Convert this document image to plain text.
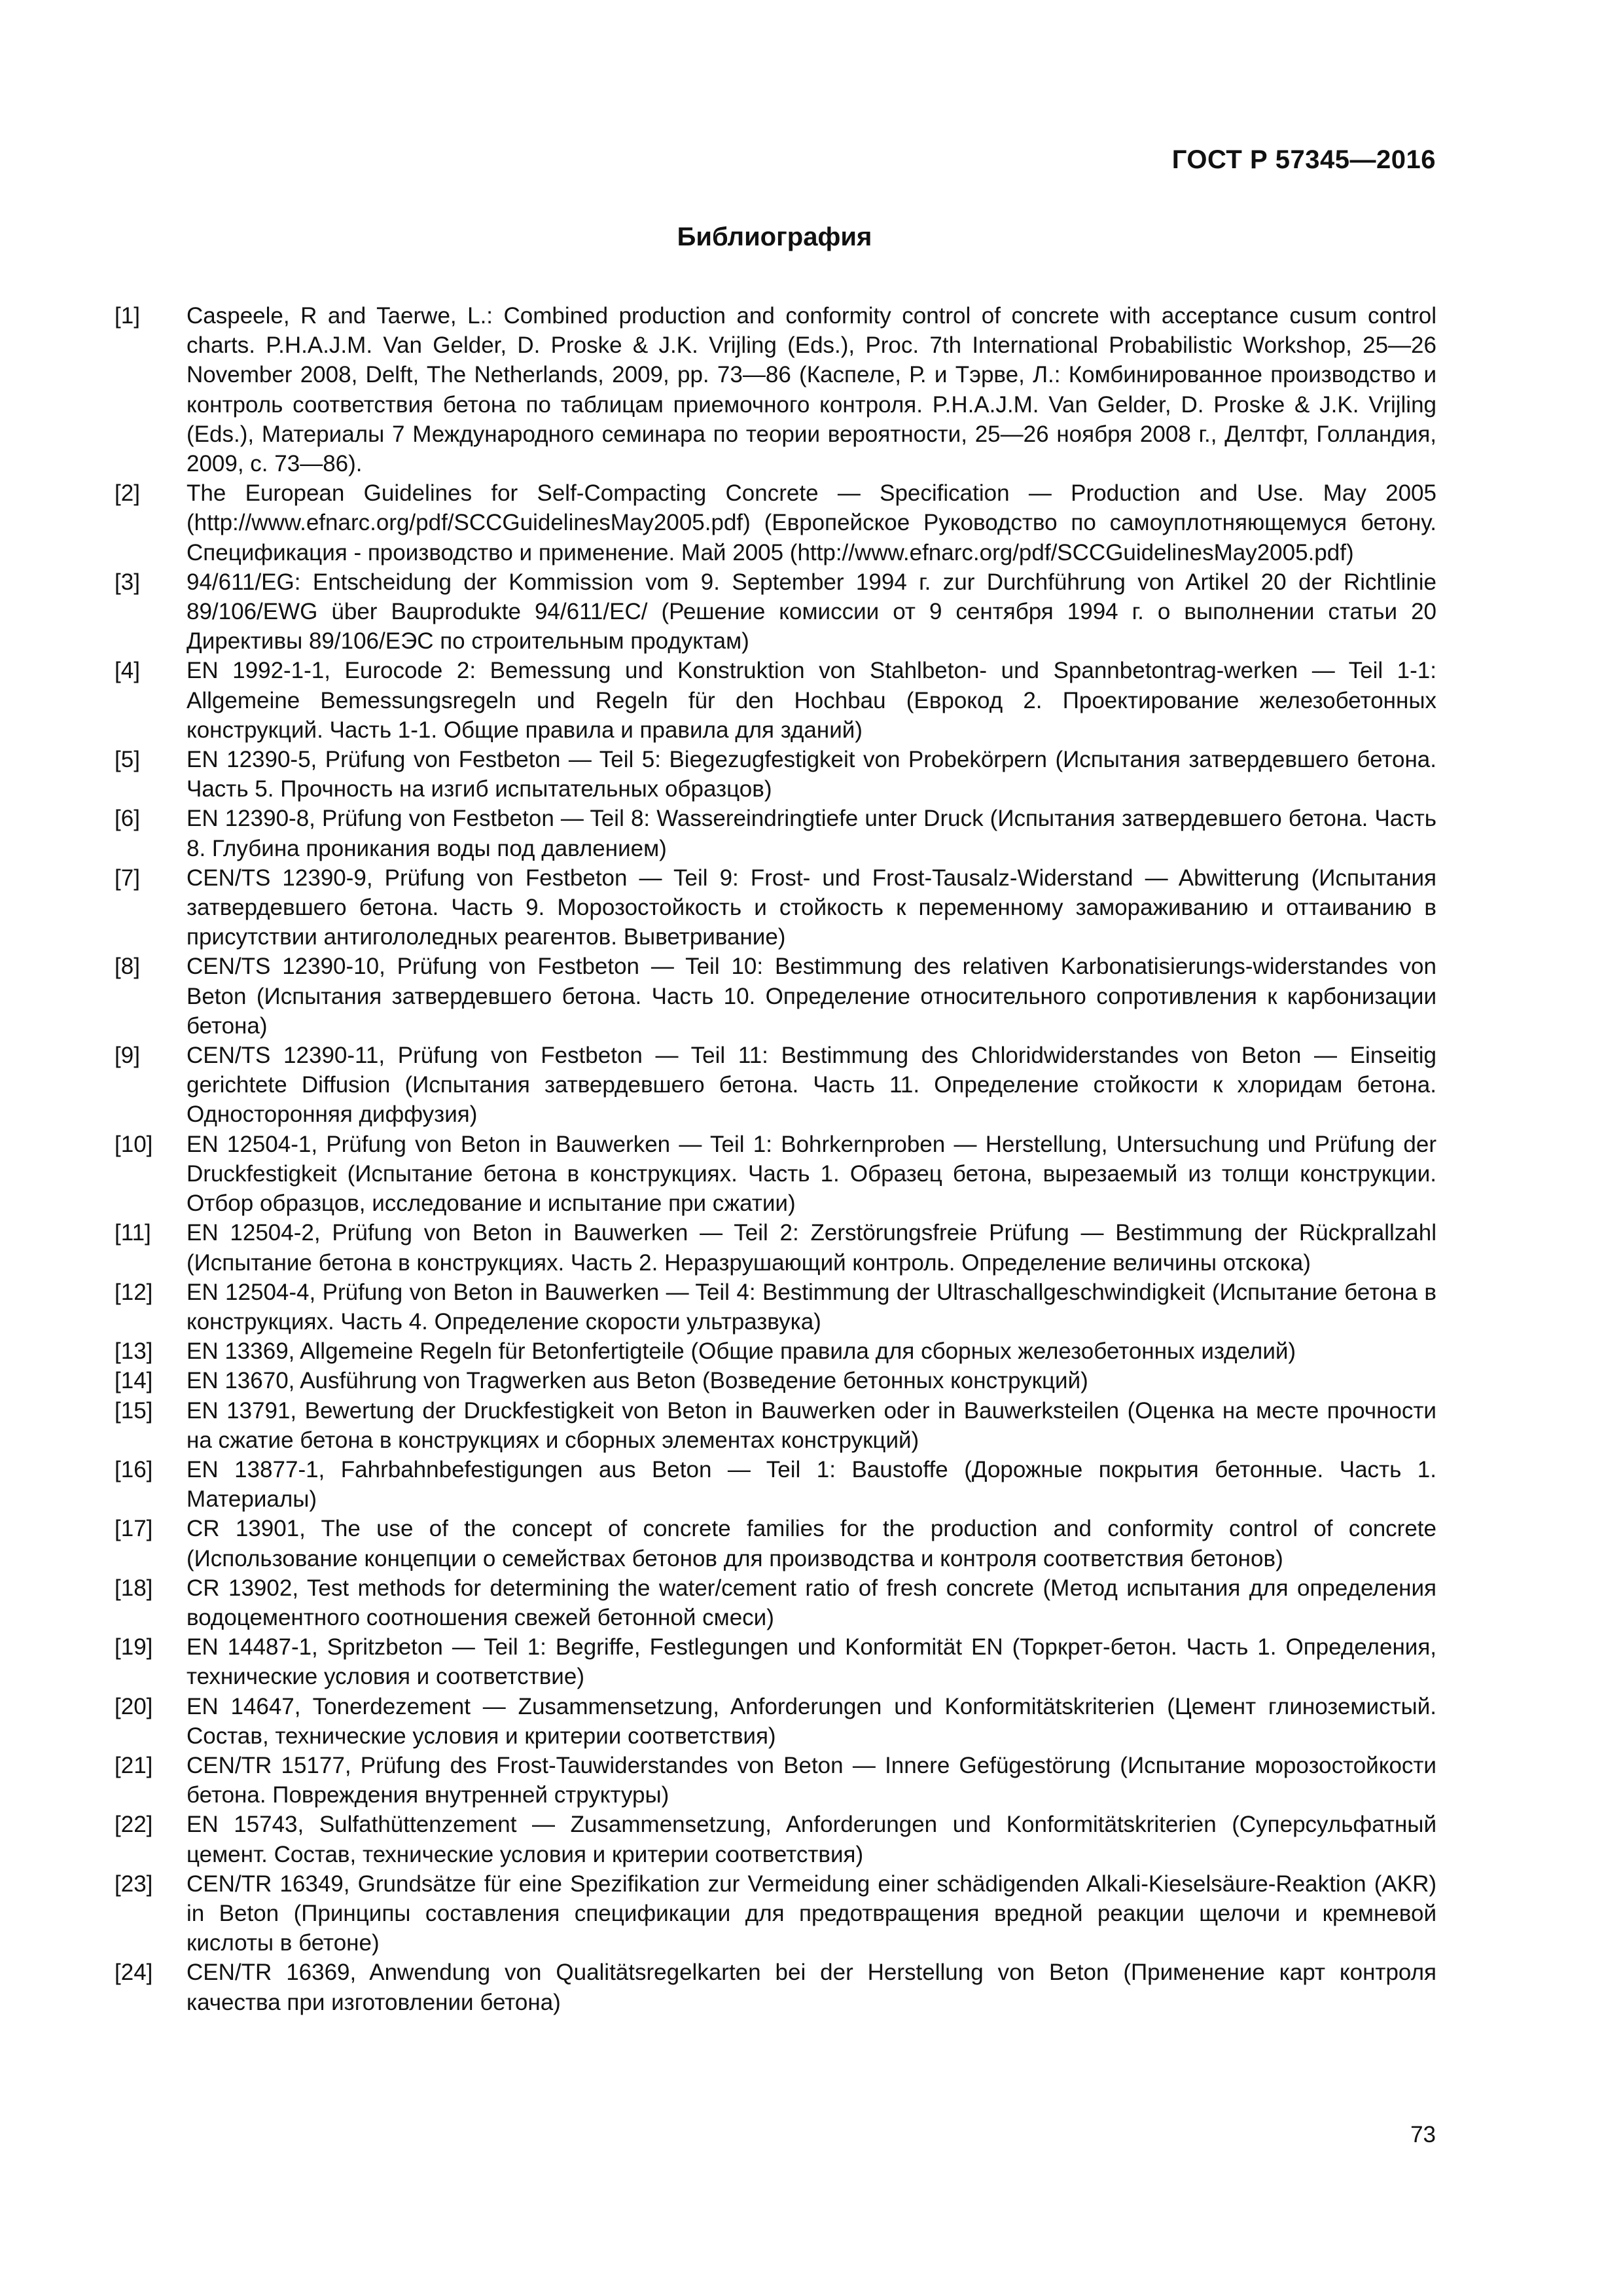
ГОСТ Р 57345—2016
Библиография
[1] Caspeele, R and Taerwe, L.: Combined production and conformity control of concrete with acceptance cusum control charts. P.H.A.J.M. Van Gelder, D. Proske & J.K. Vrijling (Eds.), Proc. 7th International Probabilistic Workshop, 25—26 November 2008, Delft, The Netherlands, 2009, pp. 73—86 (Каспеле, Р. и Тэрве, Л.: Комбинированное производство и контроль соответствия бетона по таблицам приемочного контроля. P.H.A.J.M. Van Gelder, D. Proske & J.K. Vrijling (Eds.), Материалы 7 Международного семинара по теории вероятности, 25—26 ноября 2008 г., Делтфт, Голландия, 2009, с. 73—86).
[2] The European Guidelines for Self-Compacting Concrete — Specification — Production and Use. May 2005 (http://www.efnarc.org/pdf/SCCGuidelinesMay2005.pdf) (Европейское Руководство по самоуплотняющемуся бетону. Спецификация - производство и применение. Май 2005 (http://www.efnarc.org/pdf/SCCGuidelinesMay2005.pdf)
[3] 94/611/EG: Entscheidung der Kommission vom 9. September 1994 г. zur Durchführung von Artikel 20 der Richtlinie 89/106/EWG über Bauprodukte 94/611/EC/ (Решение комиссии от 9 сентября 1994 г. о выполнении статьи 20 Директивы 89/106/ЕЭС по строительным продуктам)
[4] EN 1992-1-1, Eurocode 2: Bemessung und Konstruktion von Stahlbeton- und Spannbetontrag-werken — Teil 1-1: Allgemeine Bemessungsregeln und Regeln für den Hochbau (Еврокод 2. Проектирование железобетонных конструкций. Часть 1-1. Общие правила и правила для зданий)
[5] EN 12390-5, Prüfung von Festbeton — Teil 5: Biegezugfestigkeit von Probekörpern (Испытания затвердевшего бетона. Часть 5. Прочность на изгиб испытательных образцов)
[6] EN 12390-8, Prüfung von Festbeton — Teil 8: Wassereindringtiefe unter Druck (Испытания затвердевшего бетона. Часть 8. Глубина проникания воды под давлением)
[7] CEN/TS 12390-9, Prüfung von Festbeton — Teil 9: Frost- und Frost-Tausalz-Widerstand — Abwitterung (Испытания затвердевшего бетона. Часть 9. Морозостойкость и стойкость к переменному замораживанию и оттаиванию в присутствии антигололедных реагентов. Выветривание)
[8] CEN/TS 12390-10, Prüfung von Festbeton — Teil 10: Bestimmung des relativen Karbonatisierungs-widerstandes von Beton (Испытания затвердевшего бетона. Часть 10. Определение относительного сопротивления к карбонизации бетона)
[9] CEN/TS 12390-11, Prüfung von Festbeton — Teil 11: Bestimmung des Chloridwiderstandes von Beton — Einseitig gerichtete Diffusion (Испытания затвердевшего бетона. Часть 11. Определение стойкости к хлоридам бетона. Односторонняя диффузия)
[10] EN 12504-1, Prüfung von Beton in Bauwerken — Teil 1: Bohrkernproben — Herstellung, Untersuchung und Prüfung der Druckfestigkeit (Испытание бетона в конструкциях. Часть 1. Образец бетона, вырезаемый из толщи конструкции. Отбор образцов, исследование и испытание при сжатии)
[11] EN 12504-2, Prüfung von Beton in Bauwerken — Teil 2: Zerstörungsfreie Prüfung — Bestimmung der Rückprallzahl (Испытание бетона в конструкциях. Часть 2. Неразрушающий контроль. Определение величины отскока)
[12] EN 12504-4, Prüfung von Beton in Bauwerken — Teil 4: Bestimmung der Ultraschallgeschwindigkeit (Испытание бетона в конструкциях. Часть 4. Определение скорости ультразвука)
[13] EN 13369, Allgemeine Regeln für Betonfertigteile (Общие правила для сборных железобетонных изделий)
[14] EN 13670, Ausführung von Tragwerken aus Beton (Возведение бетонных конструкций)
[15] EN 13791, Bewertung der Druckfestigkeit von Beton in Bauwerken oder in Bauwerksteilen (Оценка на месте прочности на сжатие бетона в конструкциях и сборных элементах конструкций)
[16] EN 13877-1, Fahrbahnbefestigungen aus Beton — Teil 1: Baustoffe (Дорожные покрытия бетонные. Часть 1. Материалы)
[17] CR 13901, The use of the concept of concrete families for the production and conformity control of concrete (Использование концепции о семействах бетонов для производства и контроля соответствия бетонов)
[18] CR 13902, Test methods for determining the water/cement ratio of fresh concrete (Метод испытания для определения водоцементного соотношения свежей бетонной смеси)
[19] EN 14487-1, Spritzbeton — Teil 1: Begriffe, Festlegungen und Konformität EN (Торкрет-бетон. Часть 1. Определения, технические условия и соответствие)
[20] EN 14647, Tonerdezement — Zusammensetzung, Anforderungen und Konformitätskriterien (Цемент глиноземистый. Состав, технические условия и критерии соответствия)
[21] CEN/TR 15177, Prüfung des Frost-Tauwiderstandes von Beton — Innere Gefügestörung (Испытание морозостойкости бетона. Повреждения внутренней структуры)
[22] EN 15743, Sulfathüttenzement — Zusammensetzung, Anforderungen und Konformitätskriterien (Суперсульфатный цемент. Состав, технические условия и критерии соответствия)
[23] CEN/TR 16349, Grundsätze für eine Spezifikation zur Vermeidung einer schädigenden Alkali-Kieselsäure-Reaktion (AKR) in Beton (Принципы составления спецификации для предотвращения вредной реакции щелочи и кремневой кислоты в бетоне)
[24] CEN/TR 16369, Anwendung von Qualitätsregelkarten bei der Herstellung von Beton (Применение карт контроля качества при изготовлении бетона)
73
